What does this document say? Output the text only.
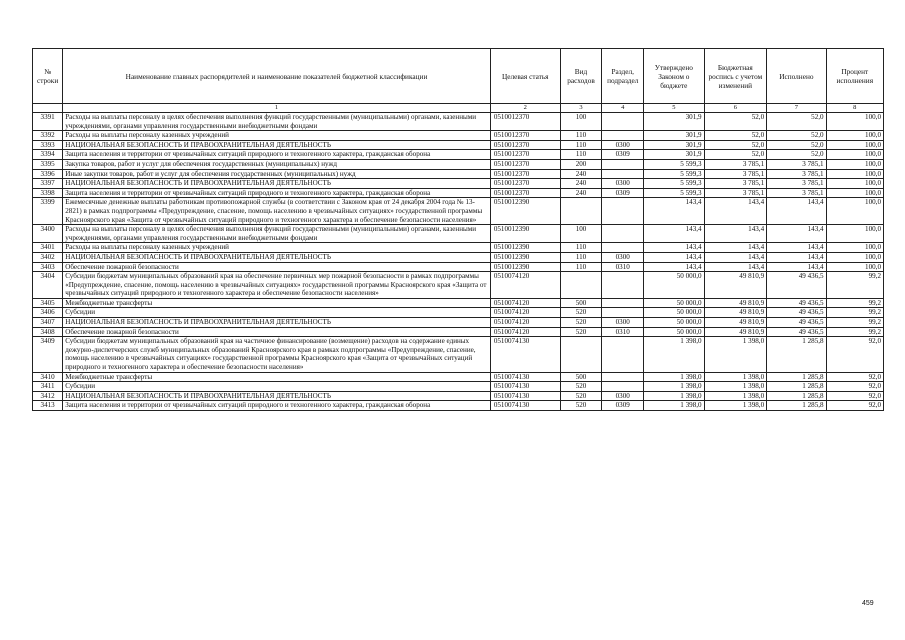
№ строки	Наименование главных распорядителей и наименование показателей бюджетной классификации	Целевая статья	Вид расходов	Раздел, подраздел	Утверждено Законом о бюджете	Бюджетная роспись с учетом изменений	Исполнено	Процент исполнения
	1	2	3	4	5	6	7	8
3391	Расходы на выплаты персоналу в целях обеспечения выполнения функций государственными (муниципальными) органами, казенными учреждениями, органами управления государственными внебюджетными фондами	0510012370	100		301,9	52,0	52,0	100,0
3392	Расходы на выплаты персоналу казенных учреждений	0510012370	110		301,9	52,0	52,0	100,0
3393	НАЦИОНАЛЬНАЯ БЕЗОПАСНОСТЬ И ПРАВООХРАНИТЕЛЬНАЯ ДЕЯТЕЛЬНОСТЬ	0510012370	110	0300	301,9	52,0	52,0	100,0
3394	Защита населения и территории от чрезвычайных ситуаций природного и техногенного характера, гражданская оборона	0510012370	110	0309	301,9	52,0	52,0	100,0
3395	Закупка товаров, работ и услуг для обеспечения государственных (муниципальных) нужд	0510012370	200		5 599,3	3 785,1	3 785,1	100,0
3396	Иные закупки товаров, работ и услуг для обеспечения государственных (муниципальных) нужд	0510012370	240		5 599,3	3 785,1	3 785,1	100,0
3397	НАЦИОНАЛЬНАЯ БЕЗОПАСНОСТЬ И ПРАВООХРАНИТЕЛЬНАЯ ДЕЯТЕЛЬНОСТЬ	0510012370	240	0300	5 599,3	3 785,1	3 785,1	100,0
3398	Защита населения и территории от чрезвычайных ситуаций природного и техногенного характера, гражданская оборона	0510012370	240	0309	5 599,3	3 785,1	3 785,1	100,0
3399	Ежемесячные денежные выплаты работникам противопожарной службы (в соответствии с Законом края от 24 декабря 2004 года № 13-2821) в рамках подпрограммы «Предупреждение, спасение, помощь населению в чрезвычайных ситуациях» государственной программы Красноярского края «Защита от чрезвычайных ситуаций природного и техногенного характера и обеспечение безопасности населения»	0510012390			143,4	143,4	143,4	100,0
3400	Расходы на выплаты персоналу в целях обеспечения выполнения функций государственными (муниципальными) органами, казенными учреждениями, органами управления государственными внебюджетными фондами	0510012390	100		143,4	143,4	143,4	100,0
3401	Расходы на выплаты персоналу казенных учреждений	0510012390	110		143,4	143,4	143,4	100,0
3402	НАЦИОНАЛЬНАЯ БЕЗОПАСНОСТЬ И ПРАВООХРАНИТЕЛЬНАЯ ДЕЯТЕЛЬНОСТЬ	0510012390	110	0300	143,4	143,4	143,4	100,0
3403	Обеспечение пожарной безопасности	0510012390	110	0310	143,4	143,4	143,4	100,0
3404	Субсидии бюджетам муниципальных образований края на обеспечение первичных мер пожарной безопасности в рамках подпрограммы «Предупреждение, спасение, помощь населению в чрезвычайных ситуациях» государственной программы Красноярского края «Защита от чрезвычайных ситуаций природного и техногенного характера и обеспечение безопасности населения»	0510074120			50 000,0	49 810,9	49 436,5	99,2
3405	Межбюджетные трансферты	0510074120	500		50 000,0	49 810,9	49 436,5	99,2
3406	Субсидии	0510074120	520		50 000,0	49 810,9	49 436,5	99,2
3407	НАЦИОНАЛЬНАЯ БЕЗОПАСНОСТЬ И ПРАВООХРАНИТЕЛЬНАЯ ДЕЯТЕЛЬНОСТЬ	0510074120	520	0300	50 000,0	49 810,9	49 436,5	99,2
3408	Обеспечение пожарной безопасности	0510074120	520	0310	50 000,0	49 810,9	49 436,5	99,2
3409	Субсидии бюджетам муниципальных образований края на частичное финансирование (возмещение) расходов на содержание единых дежурно-диспетчерских служб муниципальных образований Красноярского края в рамках подпрограммы «Предупреждение, спасение, помощь населению в чрезвычайных ситуациях» государственной программы Красноярского края «Защита от чрезвычайных ситуаций природного и техногенного характера и обеспечение безопасности населения»	0510074130			1 398,0	1 398,0	1 285,8	92,0
3410	Межбюджетные трансферты	0510074130	500		1 398,0	1 398,0	1 285,8	92,0
3411	Субсидии	0510074130	520		1 398,0	1 398,0	1 285,8	92,0
3412	НАЦИОНАЛЬНАЯ БЕЗОПАСНОСТЬ И ПРАВООХРАНИТЕЛЬНАЯ ДЕЯТЕЛЬНОСТЬ	0510074130	520	0300	1 398,0	1 398,0	1 285,8	92,0
3413	Защита населения и территории от чрезвычайных ситуаций природного и техногенного характера, гражданская оборона	0510074130	520	0309	1 398,0	1 398,0	1 285,8	92,0
459
